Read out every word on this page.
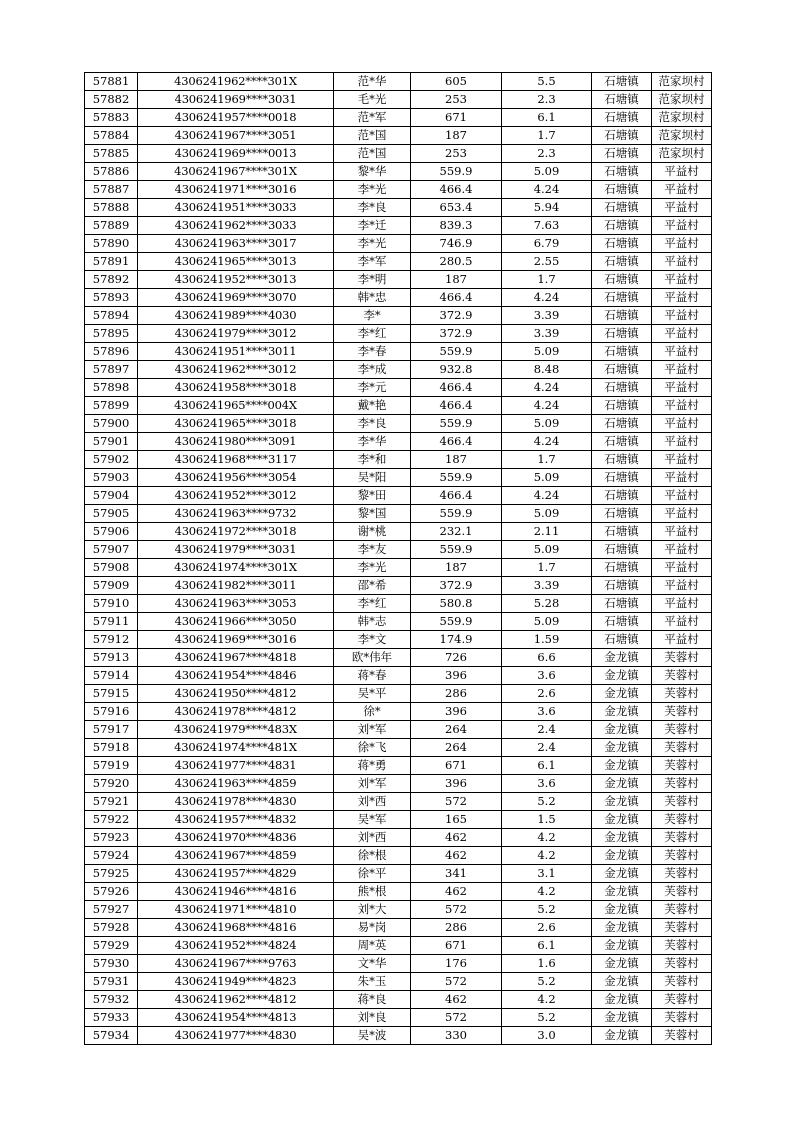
57881	4306241962****301X	范*华	605	5.5	石塘镇	范家坝村
57882	4306241969****3031	毛*光	253	2.3	石塘镇	范家坝村
57883	4306241957****0018	范*军	671	6.1	石塘镇	范家坝村
57884	4306241967****3051	范*国	187	1.7	石塘镇	范家坝村
57885	4306241969****0013	范*国	253	2.3	石塘镇	范家坝村
57886	4306241967****301X	黎*华	559.9	5.09	石塘镇	平益村
57887	4306241971****3016	李*光	466.4	4.24	石塘镇	平益村
57888	4306241951****3033	李*良	653.4	5.94	石塘镇	平益村
57889	4306241962****3033	李*迁	839.3	7.63	石塘镇	平益村
57890	4306241963****3017	李*光	746.9	6.79	石塘镇	平益村
57891	4306241965****3013	李*军	280.5	2.55	石塘镇	平益村
57892	4306241952****3013	李*明	187	1.7	石塘镇	平益村
57893	4306241969****3070	韩*忠	466.4	4.24	石塘镇	平益村
57894	4306241989****4030	李*	372.9	3.39	石塘镇	平益村
57895	4306241979****3012	李*红	372.9	3.39	石塘镇	平益村
57896	4306241951****3011	李*春	559.9	5.09	石塘镇	平益村
57897	4306241962****3012	李*成	932.8	8.48	石塘镇	平益村
57898	4306241958****3018	李*元	466.4	4.24	石塘镇	平益村
57899	4306241965****004X	戴*艳	466.4	4.24	石塘镇	平益村
57900	4306241965****3018	李*良	559.9	5.09	石塘镇	平益村
57901	4306241980****3091	李*华	466.4	4.24	石塘镇	平益村
57902	4306241968****3117	李*和	187	1.7	石塘镇	平益村
57903	4306241956****3054	吴*阳	559.9	5.09	石塘镇	平益村
57904	4306241952****3012	黎*田	466.4	4.24	石塘镇	平益村
57905	4306241963****9732	黎*国	559.9	5.09	石塘镇	平益村
57906	4306241972****3018	谢*桃	232.1	2.11	石塘镇	平益村
57907	4306241979****3031	李*友	559.9	5.09	石塘镇	平益村
57908	4306241974****301X	李*光	187	1.7	石塘镇	平益村
57909	4306241982****3011	邵*希	372.9	3.39	石塘镇	平益村
57910	4306241963****3053	李*红	580.8	5.28	石塘镇	平益村
57911	4306241966****3050	韩*志	559.9	5.09	石塘镇	平益村
57912	4306241969****3016	李*文	174.9	1.59	石塘镇	平益村
57913	4306241967****4818	欧*伟年	726	6.6	金龙镇	芙蓉村
57914	4306241954****4846	蒋*春	396	3.6	金龙镇	芙蓉村
57915	4306241950****4812	吴*平	286	2.6	金龙镇	芙蓉村
57916	4306241978****4812	徐*	396	3.6	金龙镇	芙蓉村
57917	4306241979****483X	刘*军	264	2.4	金龙镇	芙蓉村
57918	4306241974****481X	徐*飞	264	2.4	金龙镇	芙蓉村
57919	4306241977****4831	蒋*勇	671	6.1	金龙镇	芙蓉村
57920	4306241963****4859	刘*军	396	3.6	金龙镇	芙蓉村
57921	4306241978****4830	刘*西	572	5.2	金龙镇	芙蓉村
57922	4306241957****4832	吴*军	165	1.5	金龙镇	芙蓉村
57923	4306241970****4836	刘*西	462	4.2	金龙镇	芙蓉村
57924	4306241967****4859	徐*根	462	4.2	金龙镇	芙蓉村
57925	4306241957****4829	徐*平	341	3.1	金龙镇	芙蓉村
57926	4306241946****4816	熊*根	462	4.2	金龙镇	芙蓉村
57927	4306241971****4810	刘*大	572	5.2	金龙镇	芙蓉村
57928	4306241968****4816	易*岗	286	2.6	金龙镇	芙蓉村
57929	4306241952****4824	周*英	671	6.1	金龙镇	芙蓉村
57930	4306241967****9763	文*华	176	1.6	金龙镇	芙蓉村
57931	4306241949****4823	朱*玉	572	5.2	金龙镇	芙蓉村
57932	4306241962****4812	蒋*良	462	4.2	金龙镇	芙蓉村
57933	4306241954****4813	刘*良	572	5.2	金龙镇	芙蓉村
57934	4306241977****4830	吴*波	330	3.0	金龙镇	芙蓉村
